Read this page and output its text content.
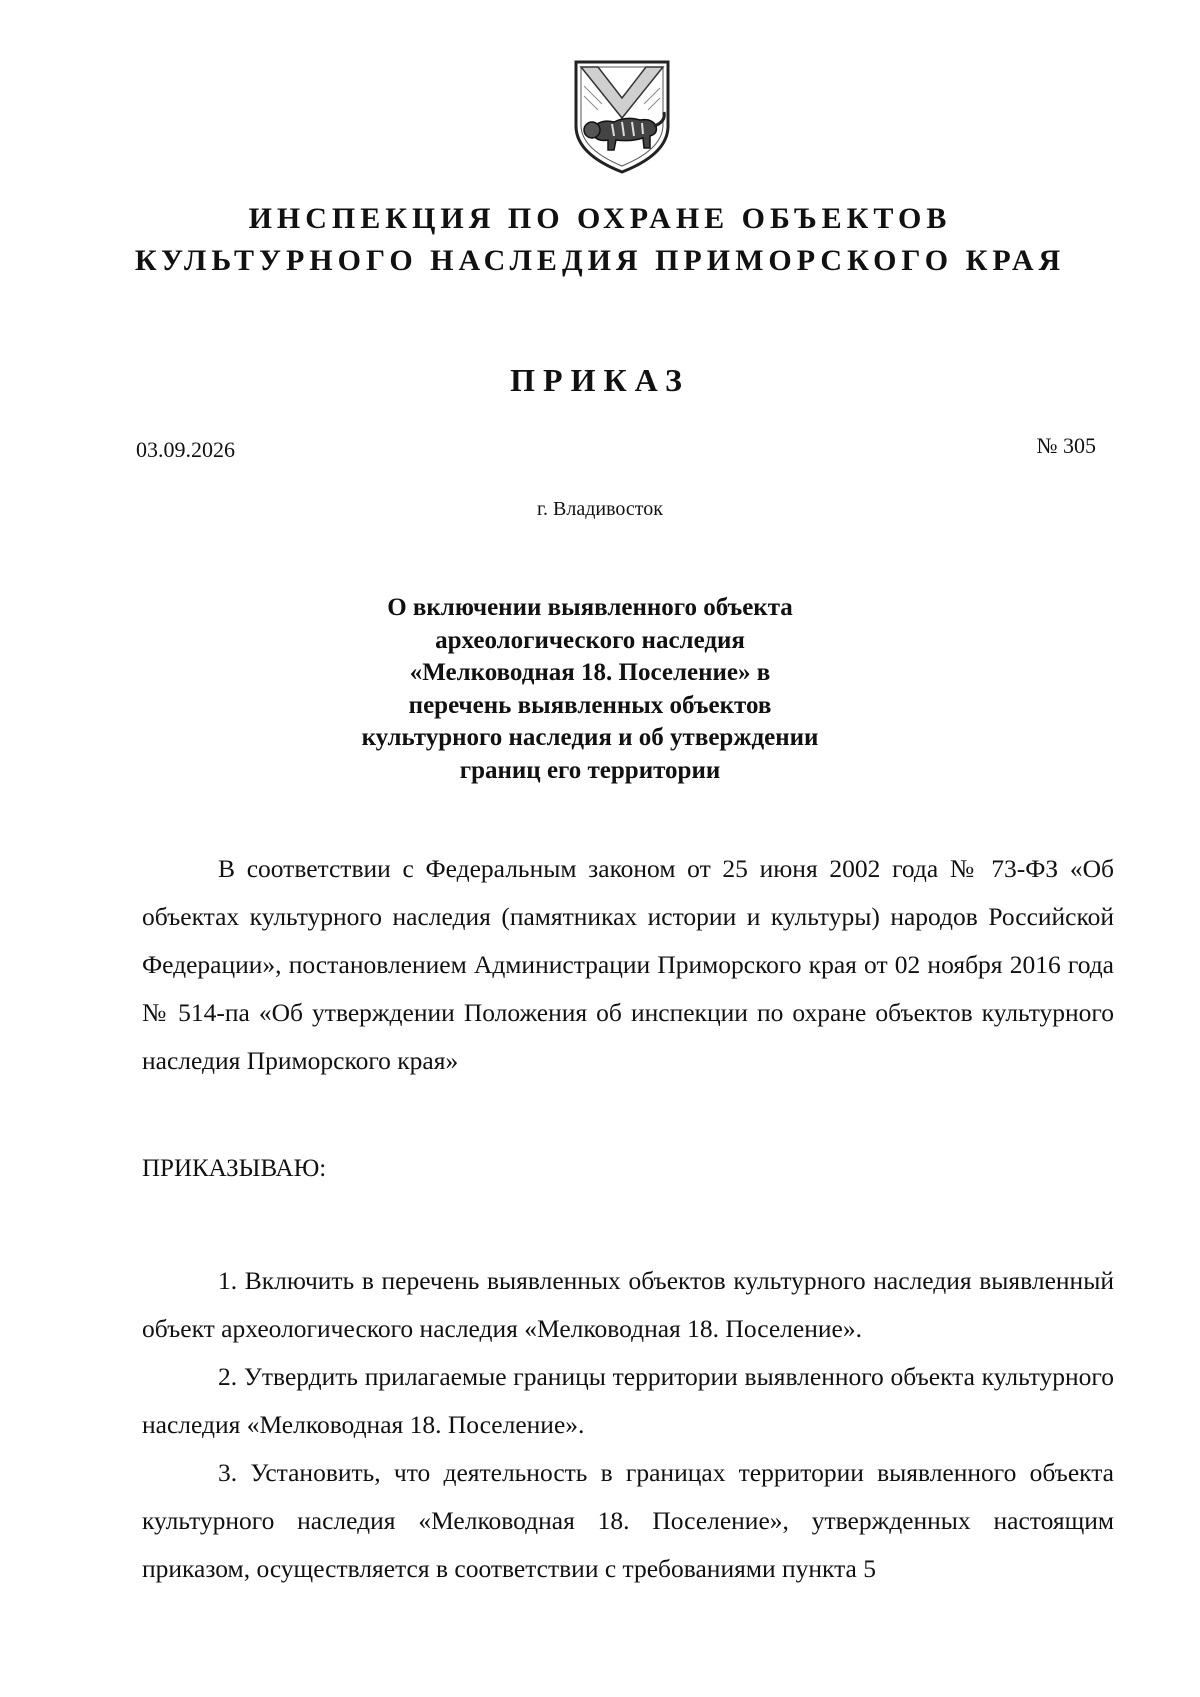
ИНСПЕКЦИЯ ПО ОХРАНЕ ОБЪЕКТОВ
КУЛЬТУРНОГО НАСЛЕДИЯ ПРИМОРСКОГО КРАЯ
ПРИКАЗ
03.09.2026	№ 305
г. Владивосток
О включении выявленного объекта
археологического наследия
«Мелководная 18. Поселение» в
перечень выявленных объектов
культурного наследия и об утверждении
границ его территории

В соответствии с Федеральным законом от 25 июня 2002 года № 73-ФЗ «Об объектах культурного наследия (памятниках истории и культуры) народов Российской Федерации», постановлением Администрации Приморского края от 02 ноября 2016 года № 514-па «Об утверждении Положения об инспекции по охране объектов культурного наследия Приморского края»

ПРИКАЗЫВАЮ:

1. Включить в перечень выявленных объектов культурного наследия выявленный объект археологического наследия «Мелководная 18. Поселение».

2. Утвердить прилагаемые границы территории выявленного объекта культурного наследия «Мелководная 18. Поселение».

3. Установить, что деятельность в границах территории выявленного объекта культурного наследия «Мелководная 18. Поселение», утвержденных настоящим приказом, осуществляется в соответствии с требованиями пункта 5
